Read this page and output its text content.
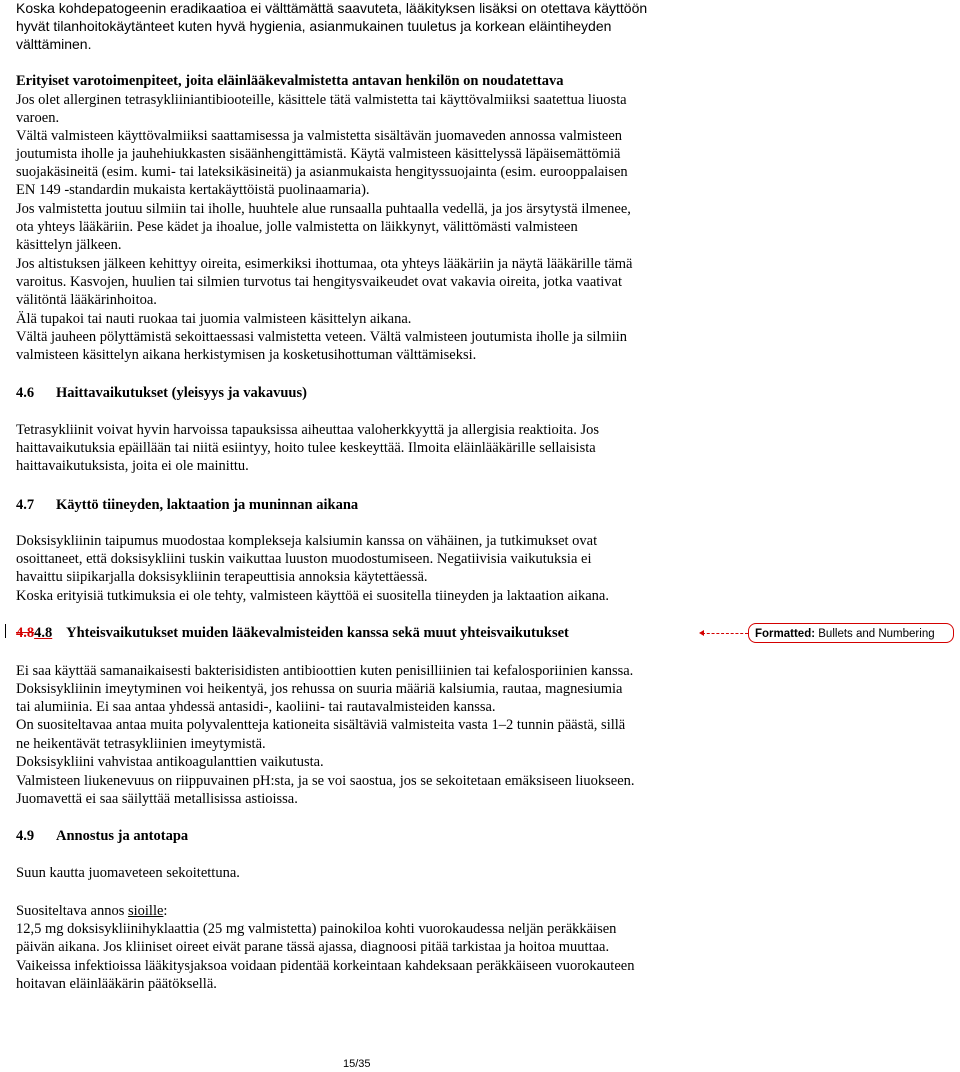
Koska kohdepatogeenin eradikaatioa ei välttämättä saavuteta, lääkityksen lisäksi on otettava käyttöön
hyvät tilanhoitokäytänteet kuten hyvä hygienia, asianmukainen tuuletus ja korkean eläintiheyden
välttäminen.
Erityiset varotoimenpiteet, joita eläinlääkevalmistetta antavan henkilön on noudatettava
Jos olet allerginen tetrasykliiniantibiooteille, käsittele tätä valmistetta tai käyttövalmiiksi saatettua liuosta
varoen.
Vältä valmisteen käyttövalmiiksi saattamisessa ja valmistetta sisältävän juomaveden annossa valmisteen
joutumista iholle ja jauhehiukkasten sisäänhengittämistä. Käytä valmisteen käsittelyssä läpäisemättömiä
suojakäsineitä (esim. kumi- tai lateksikäsineitä) ja asianmukaista hengityssuojainta (esim. eurooppalaisen
EN 149 -standardin mukaista kertakäyttöistä puolinaamaria).
Jos valmistetta joutuu silmiin tai iholle, huuhtele alue runsaalla puhtaalla vedellä, ja jos ärsytystä ilmenee,
ota yhteys lääkäriin. Pese kädet ja ihoalue, jolle valmistetta on läikkynyt, välittömästi valmisteen
käsittelyn jälkeen.
Jos altistuksen jälkeen kehittyy oireita, esimerkiksi ihottumaa, ota yhteys lääkäriin ja näytä lääkärille tämä
varoitus. Kasvojen, huulien tai silmien turvotus tai hengitysvaikeudet ovat vakavia oireita, jotka vaativat
välitöntä lääkärinhoitoa.
Älä tupakoi tai nauti ruokaa tai juomia valmisteen käsittelyn aikana.
Vältä jauheen pölyttämistä sekoittaessasi valmistetta veteen. Vältä valmisteen joutumista iholle ja silmiin
valmisteen käsittelyn aikana herkistymisen ja kosketusihottuman välttämiseksi.
4.6 Haittavaikutukset (yleisyys ja vakavuus)
Tetrasykliinit voivat hyvin harvoissa tapauksissa aiheuttaa valoherkkyyttä ja allergisia reaktioita. Jos
haittavaikutuksia epäillään tai niitä esiintyy, hoito tulee keskeyttää. Ilmoita eläinlääkärille sellaisista
haittavaikutuksista, joita ei ole mainittu.
4.7 Käyttö tiineyden, laktaation ja muninnan aikana
Doksisykliinin taipumus muodostaa komplekseja kalsiumin kanssa on vähäinen, ja tutkimukset ovat
osoittaneet, että doksisykliini tuskin vaikuttaa luuston muodostumiseen. Negatiivisia vaikutuksia ei
havaittu siipikarjalla doksisykliinin terapeuttisia annoksia käytettäessä.
Koska erityisiä tutkimuksia ei ole tehty, valmisteen käyttöä ei suositella tiineyden ja laktaation aikana.
4.84.8 Yhteisvaikutukset muiden lääkevalmisteiden kanssa sekä muut yhteisvaikutukset
Ei saa käyttää samanaikaisesti bakterisidisten antibioottien kuten penisilliinien tai kefalosporiinien kanssa.
Doksisykliinin imeytyminen voi heikentyä, jos rehussa on suuria määriä kalsiumia, rautaa, magnesiumia
tai alumiinia. Ei saa antaa yhdessä antasidi-, kaoliini- tai rautavalmisteiden kanssa.
On suositeltavaa antaa muita polyvalentteja kationeita sisältäviä valmisteita vasta 1–2 tunnin päästä, sillä
ne heikentävät tetrasykliinien imeytymistä.
Doksisykliini vahvistaa antikoagulanttien vaikutusta.
Valmisteen liukenevuus on riippuvainen pH:sta, ja se voi saostua, jos se sekoitetaan emäksiseen liuokseen.
Juomavettä ei saa säilyttää metallisissa astioissa.
Formatted: Bullets and Numbering
4.9 Annostus ja antotapa
Suun kautta juomaveteen sekoitettuna.
Suositeltava annos sioille:
12,5 mg doksisykliinihyklaattia (25 mg valmistetta) painokiloa kohti vuorokaudessa neljän peräkkäisen
päivän aikana. Jos kliiniset oireet eivät parane tässä ajassa, diagnoosi pitää tarkistaa ja hoitoa muuttaa.
Vaikeissa infektioissa lääkitysjaksoa voidaan pidentää korkeintaan kahdeksaan peräkkäiseen vuorokauteen
hoitavan eläinlääkärin päätöksellä.
15/35
